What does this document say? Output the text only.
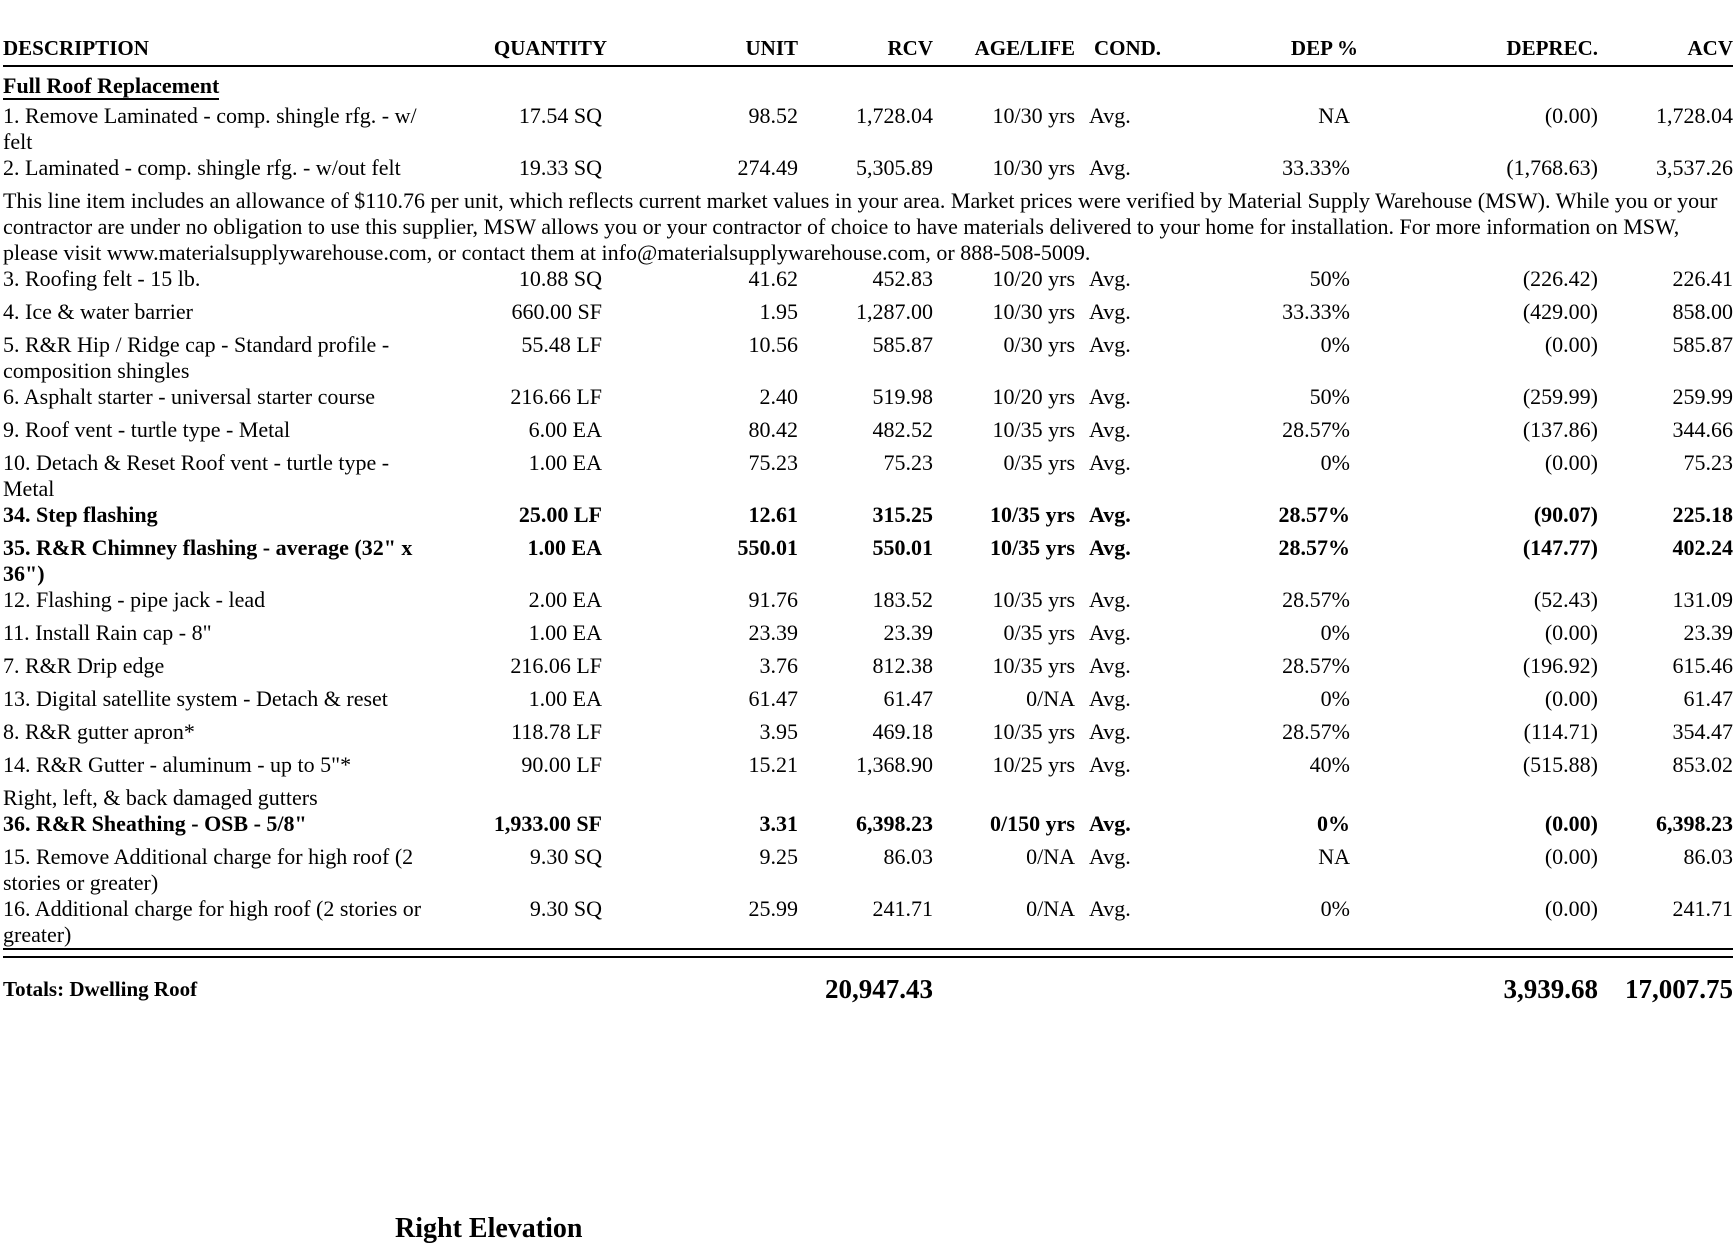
DESCRIPTION	QUANTITY	UNIT	RCV	AGE/LIFE	COND.	DEP %	DEPREC.	ACV
Full Roof Replacement								
1. Remove Laminated - comp. shingle rfg. - w/ felt	17.54 SQ	98.52	1,728.04	10/30 yrs	Avg.	NA	(0.00)	1,728.04
2. Laminated - comp. shingle rfg. - w/out felt	19.33 SQ	274.49	5,305.89	10/30 yrs	Avg.	33.33%	(1,768.63)	3,537.26
This line item includes an allowance of $110.76 per unit, which reflects current market values in your area. Market prices were verified by Material Supply Warehouse (MSW). While you or your contractor are under no obligation to use this supplier, MSW allows you or your contractor of choice to have materials delivered to your home for installation. For more information on MSW, please visit www.materialsupplywarehouse.com, or contact them at info@materialsupplywarehouse.com, or 888-508-5009.								
3. Roofing felt - 15 lb.	10.88 SQ	41.62	452.83	10/20 yrs	Avg.	50%	(226.42)	226.41
4. Ice & water barrier	660.00 SF	1.95	1,287.00	10/30 yrs	Avg.	33.33%	(429.00)	858.00
5. R&R Hip / Ridge cap - Standard profile - composition shingles	55.48 LF	10.56	585.87	0/30 yrs	Avg.	0%	(0.00)	585.87
6. Asphalt starter - universal starter course	216.66 LF	2.40	519.98	10/20 yrs	Avg.	50%	(259.99)	259.99
9. Roof vent - turtle type - Metal	6.00 EA	80.42	482.52	10/35 yrs	Avg.	28.57%	(137.86)	344.66
10. Detach & Reset Roof vent - turtle type - Metal	1.00 EA	75.23	75.23	0/35 yrs	Avg.	0%	(0.00)	75.23
34. Step flashing	25.00 LF	12.61	315.25	10/35 yrs	Avg.	28.57%	(90.07)	225.18
35. R&R Chimney flashing - average (32" x 36")	1.00 EA	550.01	550.01	10/35 yrs	Avg.	28.57%	(147.77)	402.24
12. Flashing - pipe jack - lead	2.00 EA	91.76	183.52	10/35 yrs	Avg.	28.57%	(52.43)	131.09
11. Install Rain cap - 8"	1.00 EA	23.39	23.39	0/35 yrs	Avg.	0%	(0.00)	23.39
7. R&R Drip edge	216.06 LF	3.76	812.38	10/35 yrs	Avg.	28.57%	(196.92)	615.46
13. Digital satellite system - Detach & reset	1.00 EA	61.47	61.47	0/NA	Avg.	0%	(0.00)	61.47
8. R&R gutter apron*	118.78 LF	3.95	469.18	10/35 yrs	Avg.	28.57%	(114.71)	354.47
14. R&R Gutter - aluminum - up to 5"*	90.00 LF	15.21	1,368.90	10/25 yrs	Avg.	40%	(515.88)	853.02
Right, left, & back damaged gutters								
36. R&R Sheathing - OSB - 5/8"	1,933.00 SF	3.31	6,398.23	0/150 yrs	Avg.	0%	(0.00)	6,398.23
15. Remove Additional charge for high roof (2 stories or greater)	9.30 SQ	9.25	86.03	0/NA	Avg.	NA	(0.00)	86.03
16. Additional charge for high roof (2 stories or greater)	9.30 SQ	25.99	241.71	0/NA	Avg.	0%	(0.00)	241.71

Totals: Dwelling Roof			20,947.43				3,939.68	17,007.75
Right Elevation
